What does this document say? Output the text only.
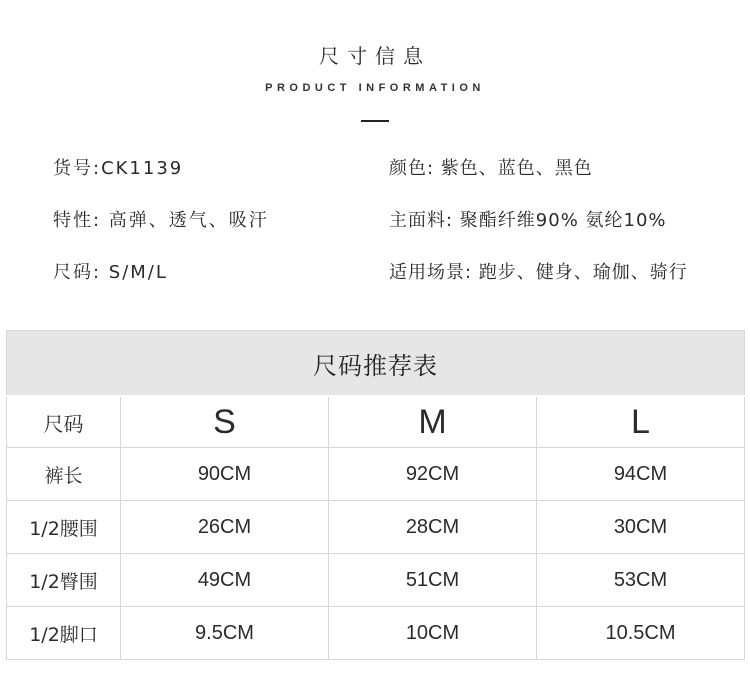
尺寸信息
PRODUCT INFORMATION
货号:CK1139	颜色: 紫色、蓝色、黑色
特性: 高弹、透气、吸汗	主面料: 聚酯纤维90% 氨纶10%
尺码: S/M/L	适用场景: 跑步、健身、瑜伽、骑行
尺码推荐表			
尺码	S	M	L
裤长	90CM	92CM	94CM
1/2腰围	26CM	28CM	30CM
1/2臀围	49CM	51CM	53CM
1/2脚口	9.5CM	10CM	10.5CM
